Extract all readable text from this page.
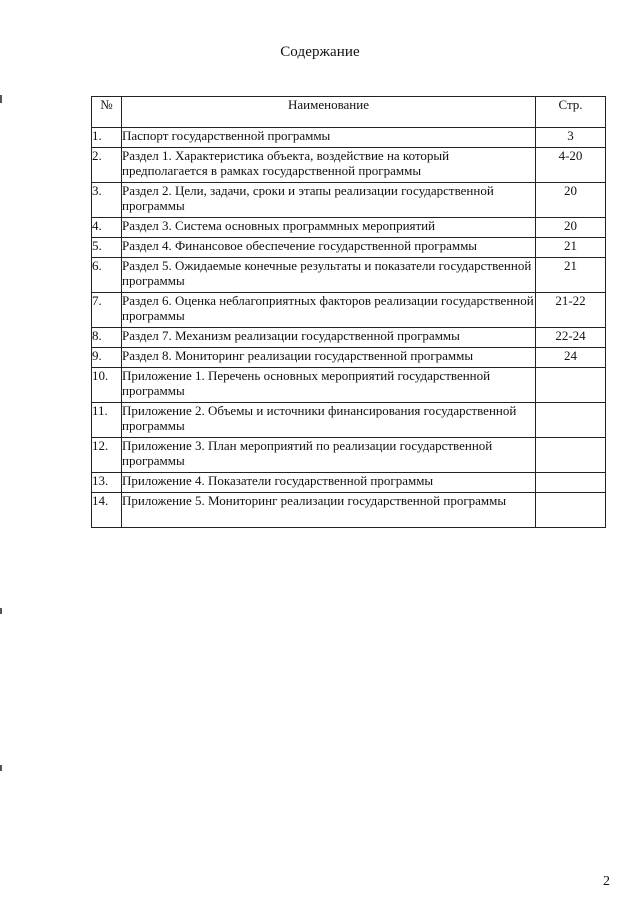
Содержание
№	Наименование	Стр.
1.	Паспорт государственной программы	3
2.	Раздел 1. Характеристика объекта, воздействие на который предполагается в рамках государственной программы	4-20
3.	Раздел 2. Цели, задачи, сроки и этапы реализации государственной программы	20
4.	Раздел 3. Система основных программных мероприятий	20
5.	Раздел 4. Финансовое обеспечение государственной программы	21
6.	Раздел 5. Ожидаемые конечные результаты и показатели государственной программы	21
7.	Раздел 6. Оценка неблагоприятных факторов реализации государственной программы	21-22
8.	Раздел 7. Механизм реализации государственной программы	22-24
9.	Раздел 8. Мониторинг реализации государственной программы	24
10.	Приложение 1. Перечень основных мероприятий государственной программы	
11.	Приложение 2. Объемы и источники финансирования государственной программы	
12.	Приложение 3. План мероприятий по реализации государственной программы	
13.	Приложение 4. Показатели государственной программы	
14.	Приложение 5. Мониторинг реализации государственной программы	
2
